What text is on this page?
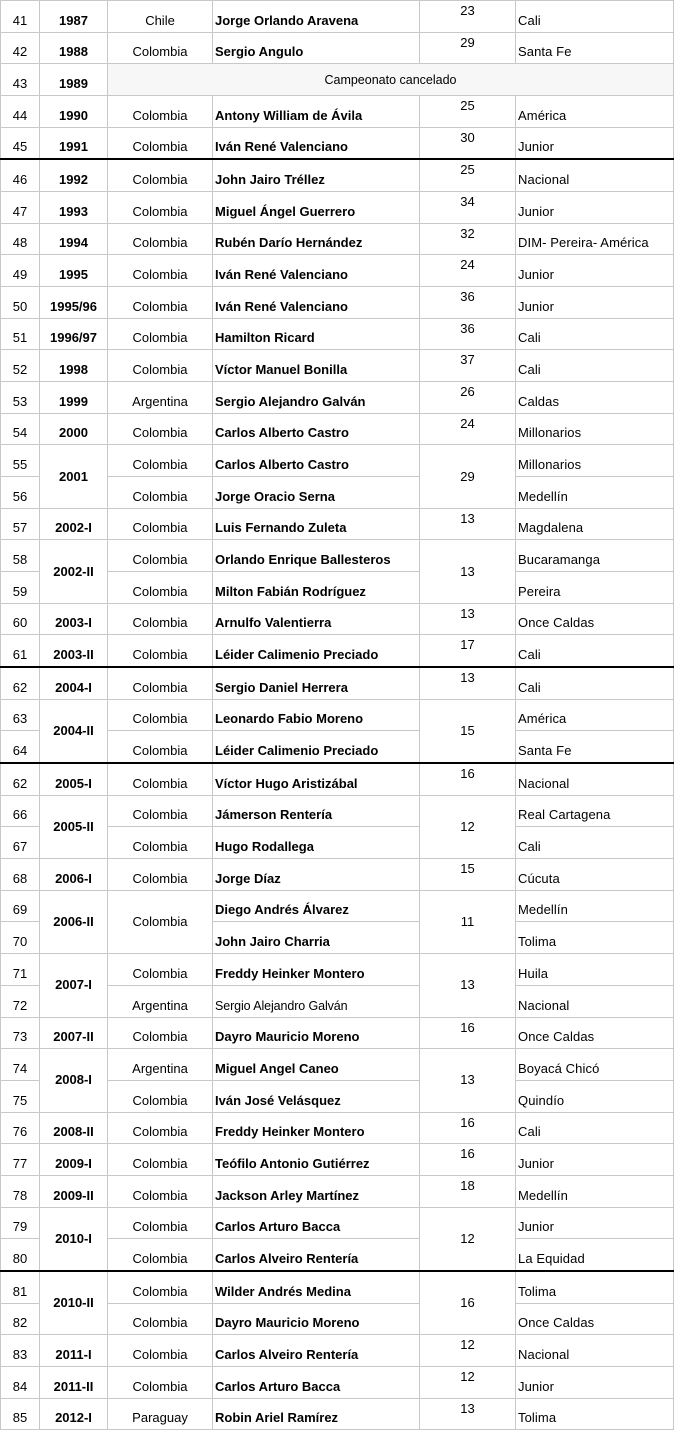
41	1987	Chile	Jorge Orlando Aravena	23	Cali
42	1988	Colombia	Sergio Angulo	29	Santa Fe
43	1989	Campeonato cancelado			
44	1990	Colombia	Antony William de Ávila	25	América
45	1991	Colombia	Iván René Valenciano	30	Junior
46	1992	Colombia	John Jairo Tréllez	25	Nacional
47	1993	Colombia	Miguel Ángel Guerrero	34	Junior
48	1994	Colombia	Rubén Darío Hernández	32	DIM- Pereira- América
49	1995	Colombia	Iván René Valenciano	24	Junior
50	1995/96	Colombia	Iván René Valenciano	36	Junior
51	1996/97	Colombia	Hamilton Ricard	36	Cali
52	1998	Colombia	Víctor Manuel Bonilla	37	Cali
53	1999	Argentina	Sergio Alejandro Galván	26	Caldas
54	2000	Colombia	Carlos Alberto Castro	24	Millonarios
55	2001	Colombia	Carlos Alberto Castro	29	Millonarios
56		Colombia	Jorge Oracio Serna		Medellín
57	2002-I	Colombia	Luis Fernando Zuleta	13	Magdalena
58	2002-II	Colombia	Orlando Enrique Ballesteros	13	Bucaramanga
59		Colombia	Milton Fabián Rodríguez		Pereira
60	2003-I	Colombia	Arnulfo Valentierra	13	Once Caldas
61	2003-II	Colombia	Léider Calimenio Preciado	17	Cali
62	2004-I	Colombia	Sergio Daniel Herrera	13	Cali
63	2004-II	Colombia	Leonardo Fabio Moreno	15	América
64		Colombia	Léider Calimenio Preciado		Santa Fe
62	2005-I	Colombia	Víctor Hugo Aristizábal	16	Nacional
66	2005-II	Colombia	Jámerson Rentería	12	Real Cartagena
67		Colombia	Hugo Rodallega		Cali
68	2006-I	Colombia	Jorge Díaz	15	Cúcuta
69	2006-II	Colombia	Diego Andrés Álvarez	11	Medellín
70			John Jairo Charria		Tolima
71	2007-I	Colombia	Freddy Heinker Montero	13	Huila
72		Argentina	Sergio Alejandro Galván		Nacional
73	2007-II	Colombia	Dayro Mauricio Moreno	16	Once Caldas
74	2008-I	Argentina	Miguel Angel Caneo	13	Boyacá Chicó
75		Colombia	Iván José Velásquez		Quindío
76	2008-II	Colombia	Freddy Heinker Montero	16	Cali
77	2009-I	Colombia	Teófilo Antonio Gutiérrez	16	Junior
78	2009-II	Colombia	Jackson Arley Martínez	18	Medellín
79	2010-I	Colombia	Carlos Arturo Bacca	12	Junior
80		Colombia	Carlos Alveiro Rentería		La Equidad
81	2010-II	Colombia	Wilder Andrés Medina	16	Tolima
82		Colombia	Dayro Mauricio Moreno		Once Caldas
83	2011-I	Colombia	Carlos Alveiro Rentería	12	Nacional
84	2011-II	Colombia	Carlos Arturo Bacca	12	Junior
85	2012-I	Paraguay	Robin Ariel Ramírez	13	Tolima
